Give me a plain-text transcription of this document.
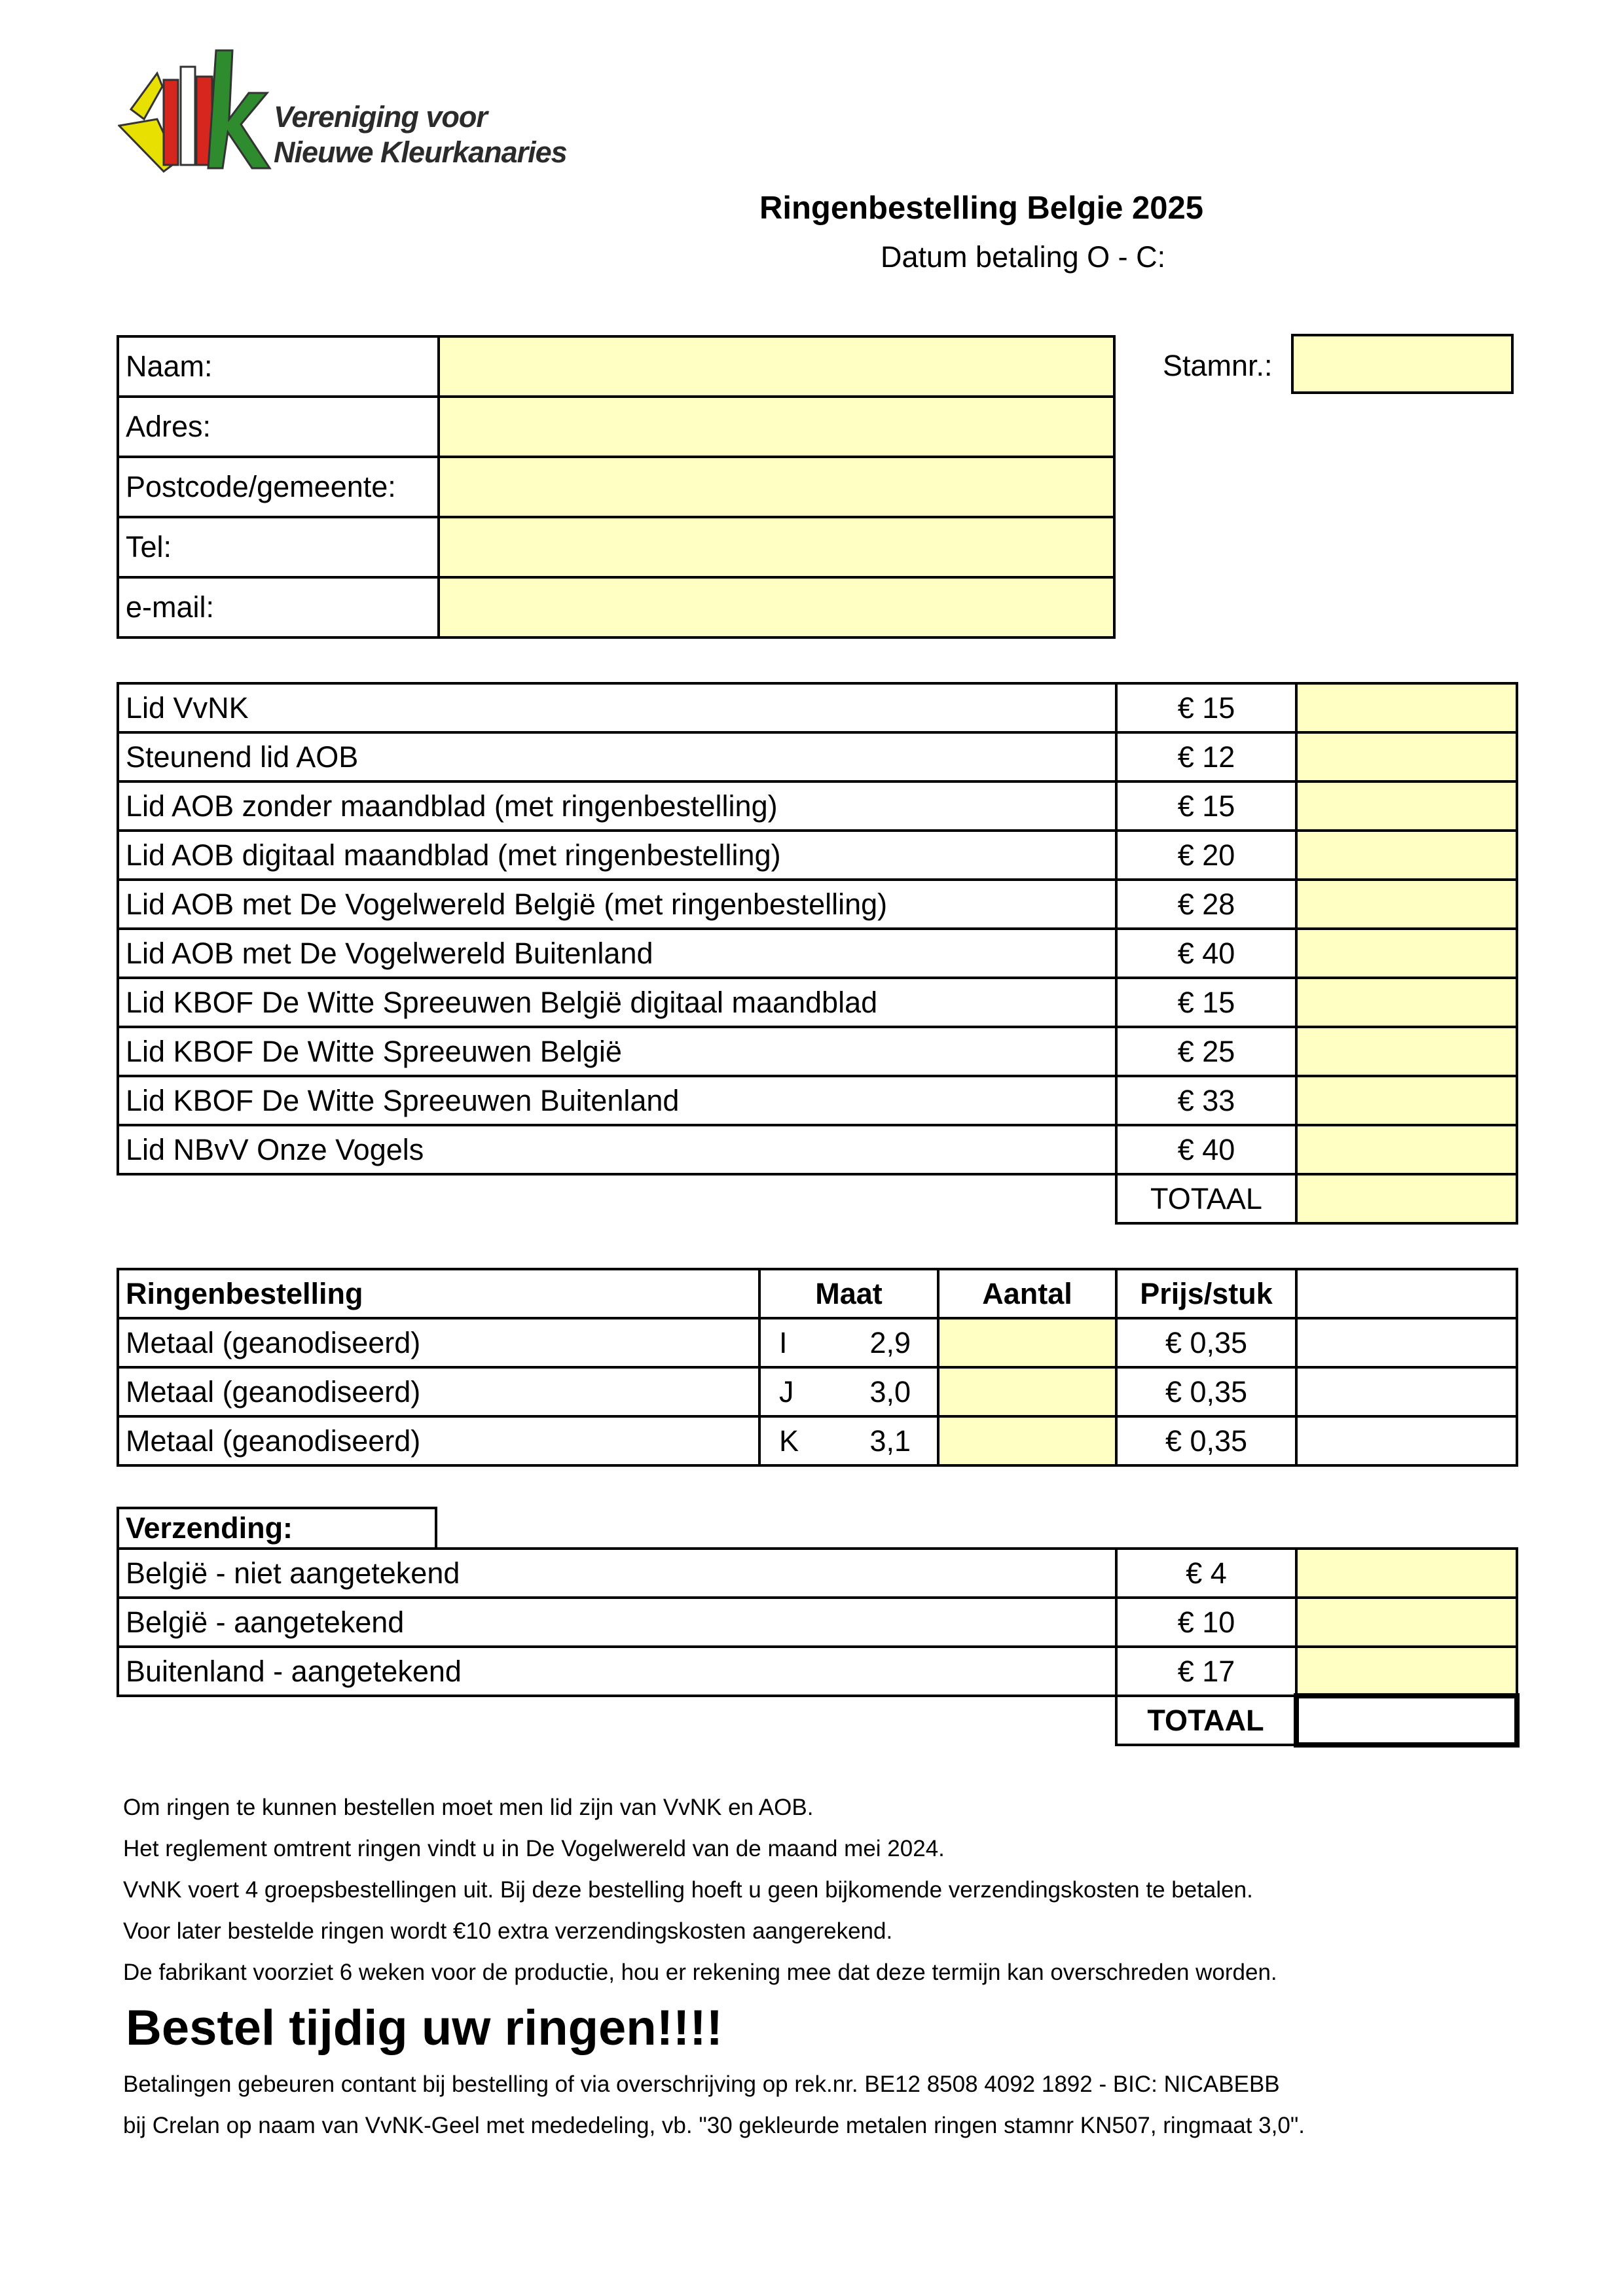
Vereniging voor
Nieuwe Kleurkanaries
Ringenbestelling Belgie 2025
Datum betaling O - C:
Naam:	
Adres:	
Postcode/gemeente:	
Tel:	
e-mail:	
Stamnr.:
Lid VvNK	€ 15	
Steunend lid AOB	€ 12	
Lid AOB zonder maandblad (met ringenbestelling)	€ 15	
Lid AOB digitaal maandblad (met ringenbestelling)	€ 20	
Lid AOB met De Vogelwereld België (met ringenbestelling)	€ 28	
Lid AOB met De Vogelwereld Buitenland	€ 40	
Lid KBOF De Witte Spreeuwen België digitaal maandblad	€ 15	
Lid KBOF De Witte Spreeuwen België	€ 25	
Lid KBOF De Witte Spreeuwen Buitenland	€ 33	
Lid NBvV Onze Vogels	€ 40	
	TOTAAL	
Ringenbestelling	Maat	Aantal	Prijs/stuk	
Metaal (geanodiseerd)	I 2,9		€ 0,35	
Metaal (geanodiseerd)	J 3,0		€ 0,35	
Metaal (geanodiseerd)	K 3,1		€ 0,35	
Verzending:
België - niet aangetekend	€ 4	
België - aangetekend	€ 10	
Buitenland - aangetekend	€ 17	
	TOTAAL	
Om ringen te kunnen bestellen moet men lid zijn van VvNK en AOB.
Het reglement omtrent ringen vindt u in De Vogelwereld van de maand mei 2024.
VvNK voert 4 groepsbestellingen uit. Bij deze bestelling hoeft u geen bijkomende verzendingskosten te betalen.
Voor later bestelde ringen wordt €10 extra verzendingskosten aangerekend.
De fabrikant voorziet 6 weken voor de productie, hou er rekening mee dat deze termijn kan overschreden worden.
Bestel tijdig uw ringen!!!!
Betalingen gebeuren contant bij bestelling of via overschrijving op rek.nr. BE12 8508 4092 1892 - BIC: NICABEBB
bij Crelan op naam van VvNK-Geel met mededeling, vb. "30 gekleurde metalen ringen stamnr KN507, ringmaat 3,0".
